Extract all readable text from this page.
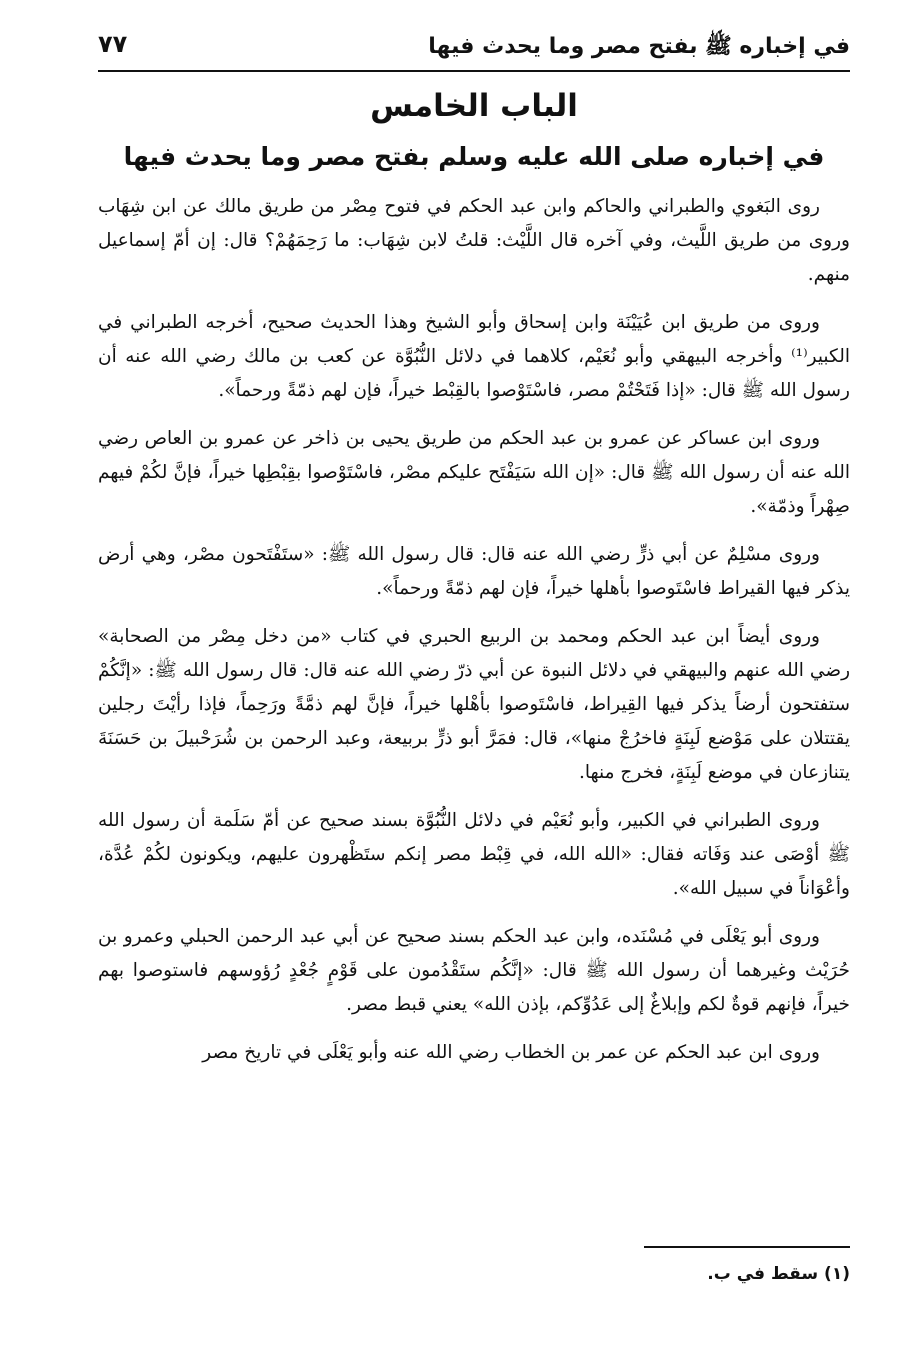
في إخباره ﷺ بفتح مصر وما يحدث فيها
٧٧
الباب الخامس
في إخباره صلى الله عليه وسلم بفتح مصر وما يحدث فيها

روى البَغوي والطبراني والحاكم وابن عبد الحكم في فتوح مِصْر من طريق مالك عن ابن شِهَاب وروى من طريق اللَّيث، وفي آخره قال اللَّيْث: قلتُ لابن شِهَاب: ما رَحِمَهُمْ؟ قال: إن أمّ إسماعيل منهم.

وروى من طريق ابن عُيَيْنَة وابن إسحاق وأبو الشيخ وهذا الحديث صحيح، أخرجه الطبراني في الكبير⁽¹⁾ وأخرجه البيهقي وأبو نُعَيْم، كلاهما في دلائل النُّبُوَّة عن كعب بن مالك رضي الله عنه أن رسول الله ﷺ قال: «إذا فَتَحْتُمْ مصر، فاسْتَوْصوا بالقِبْط خيراً، فإن لهم ذمّةً ورحماً».

وروى ابن عساكر عن عمرو بن عبد الحكم من طريق يحيى بن ذاخر عن عمرو بن العاص رضي الله عنه أن رسول الله ﷺ قال: «إن الله سَيَفْتَح عليكم مصْر، فاسْتَوْصوا بقِبْطِها خيراً، فإنَّ لكُمْ فيهم صِهْراً وذمّة».

وروى مسْلِمٌ عن أبي ذرٍّ رضي الله عنه قال: قال رسول الله ﷺ: «ستَفْتَحون مصْر، وهي أرض يذكر فيها القيراط فاسْتَوصوا بأهلها خيراً، فإن لهم ذمّةً ورحماً».

وروى أيضاً ابن عبد الحكم ومحمد بن الربيع الحبري في كتاب «من دخل مِصْر من الصحابة» رضي الله عنهم والبيهقي في دلائل النبوة عن أبي ذرّ رضي الله عنه قال: قال رسول الله ﷺ: «إنَّكُمْ ستفتحون أرضاً يذكر فيها القِيراط، فاسْتَوصوا بأهْلها خيراً، فإنَّ لهم ذمَّةً ورَحِماً، فإذا رأيْتَ رجلين يقتتلان على مَوْضع لَبِنَةٍ فاخرُجْ منها»، قال: فمَرَّ أبو ذرٍّ بربيعة، وعبد الرحمن بن شُرَحْبيلَ بن حَسَنَةَ يتنازعان في موضع لَبِنَةٍ، فخرج منها.

وروى الطبراني في الكبير، وأبو نُعَيْم في دلائل النُّبُوَّة بسند صحيح عن أمّ سَلَمة أن رسول الله ﷺ أوْصَى عند وَفَاته فقال: «الله الله، في قِبْط مصر إنكم ستَظْهرون عليهم، ويكونون لكُمْ عُدَّة، وأعْوَاناً في سبيل الله».

وروى أبو يَعْلَى في مُسْنَده، وابن عبد الحكم بسند صحيح عن أبي عبد الرحمن الحبلي وعمرو بن حُرَيْث وغيرهما أن رسول الله ﷺ قال: «إنَّكُم ستَقْدُمون على قَوْمٍ جُعْدٍ رُؤوسهم فاستوصوا بهم خيراً، فإنهم قوةٌ لكم وإبلاغٌ إلى عَدُوِّكم، بإذن الله» يعني قبط مصر.

وروى ابن عبد الحكم عن عمر بن الخطاب رضي الله عنه وأبو يَعْلَى في تاريخ مصر

(١) سقط في ب.
